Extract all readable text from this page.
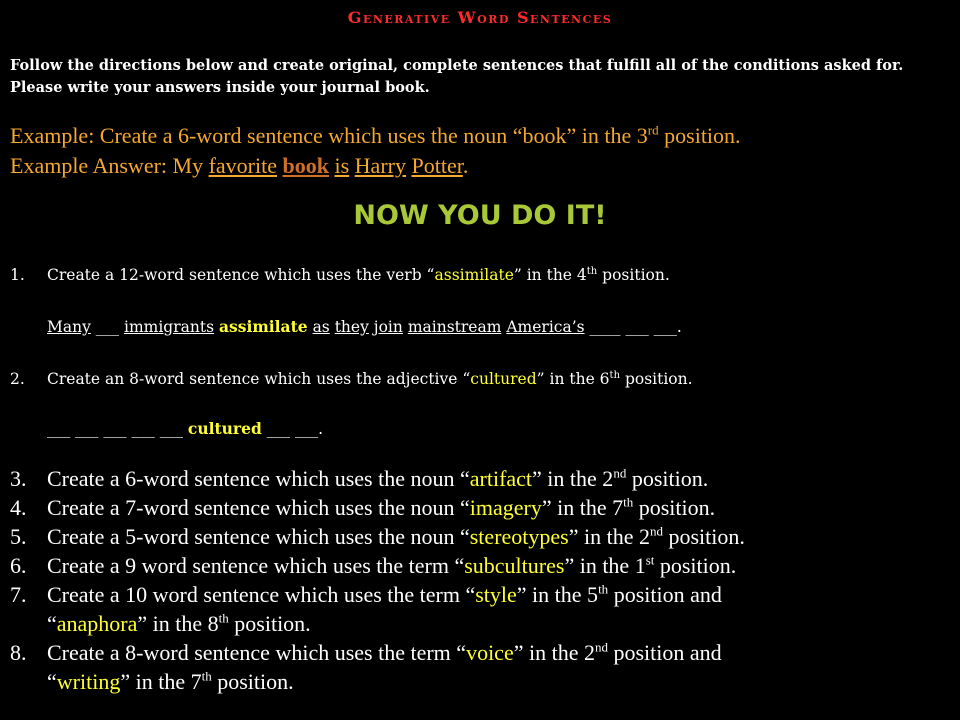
Generative Word Sentences
Follow the directions below and create original, complete sentences that fulfill all of the conditions asked for.
Please write your answers inside your journal book.
Example: Create a 6-word sentence which uses the noun “book” in the 3rd position.
Example Answer: My favorite book is Harry Potter.
NOW YOU DO IT!
1. Create a 12-word sentence which uses the verb “assimilate” in the 4th position.
Many ___ immigrants assimilate as they join mainstream America’s ____ ___ ___.
2. Create an 8-word sentence which uses the adjective “cultured” in the 6th position.
___ ___ ___ ___ ___ cultured ___ ___.
3. Create a 6-word sentence which uses the noun “artifact” in the 2nd position.
4. Create a 7-word sentence which uses the noun “imagery” in the 7th position.
5. Create a 5-word sentence which uses the noun “stereotypes” in the 2nd position.
6. Create a 9 word sentence which uses the term “subcultures” in the 1st position.
7. Create a 10 word sentence which uses the term “style” in the 5th position and
“anaphora” in the 8th position.
8. Create a 8-word sentence which uses the term “voice” in the 2nd position and
“writing” in the 7th position.
